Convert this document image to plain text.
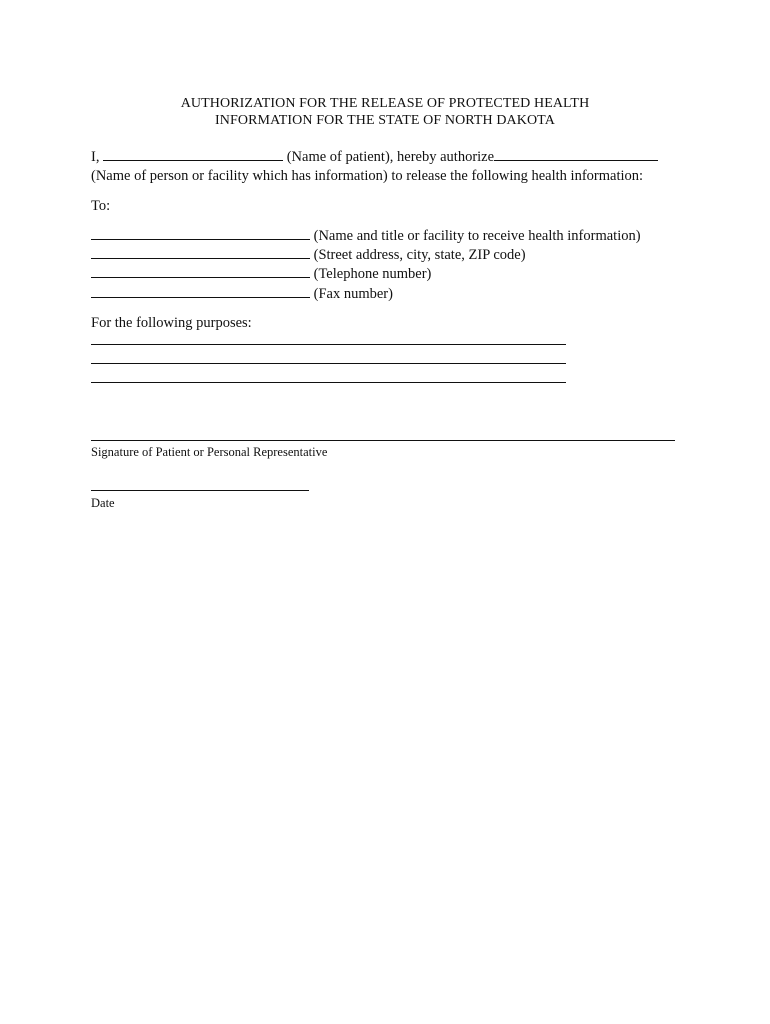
AUTHORIZATION FOR THE RELEASE OF PROTECTED HEALTH
INFORMATION FOR THE STATE OF NORTH DAKOTA
I,	(Name of patient), hereby authorize
(Name of person or facility which has information) to release the following health information:
To:
(Name and title or facility to receive health information)
(Street address, city, state, ZIP code)
(Telephone number)
(Fax number)
For the following purposes:
Signature of Patient or Personal Representative
Date
